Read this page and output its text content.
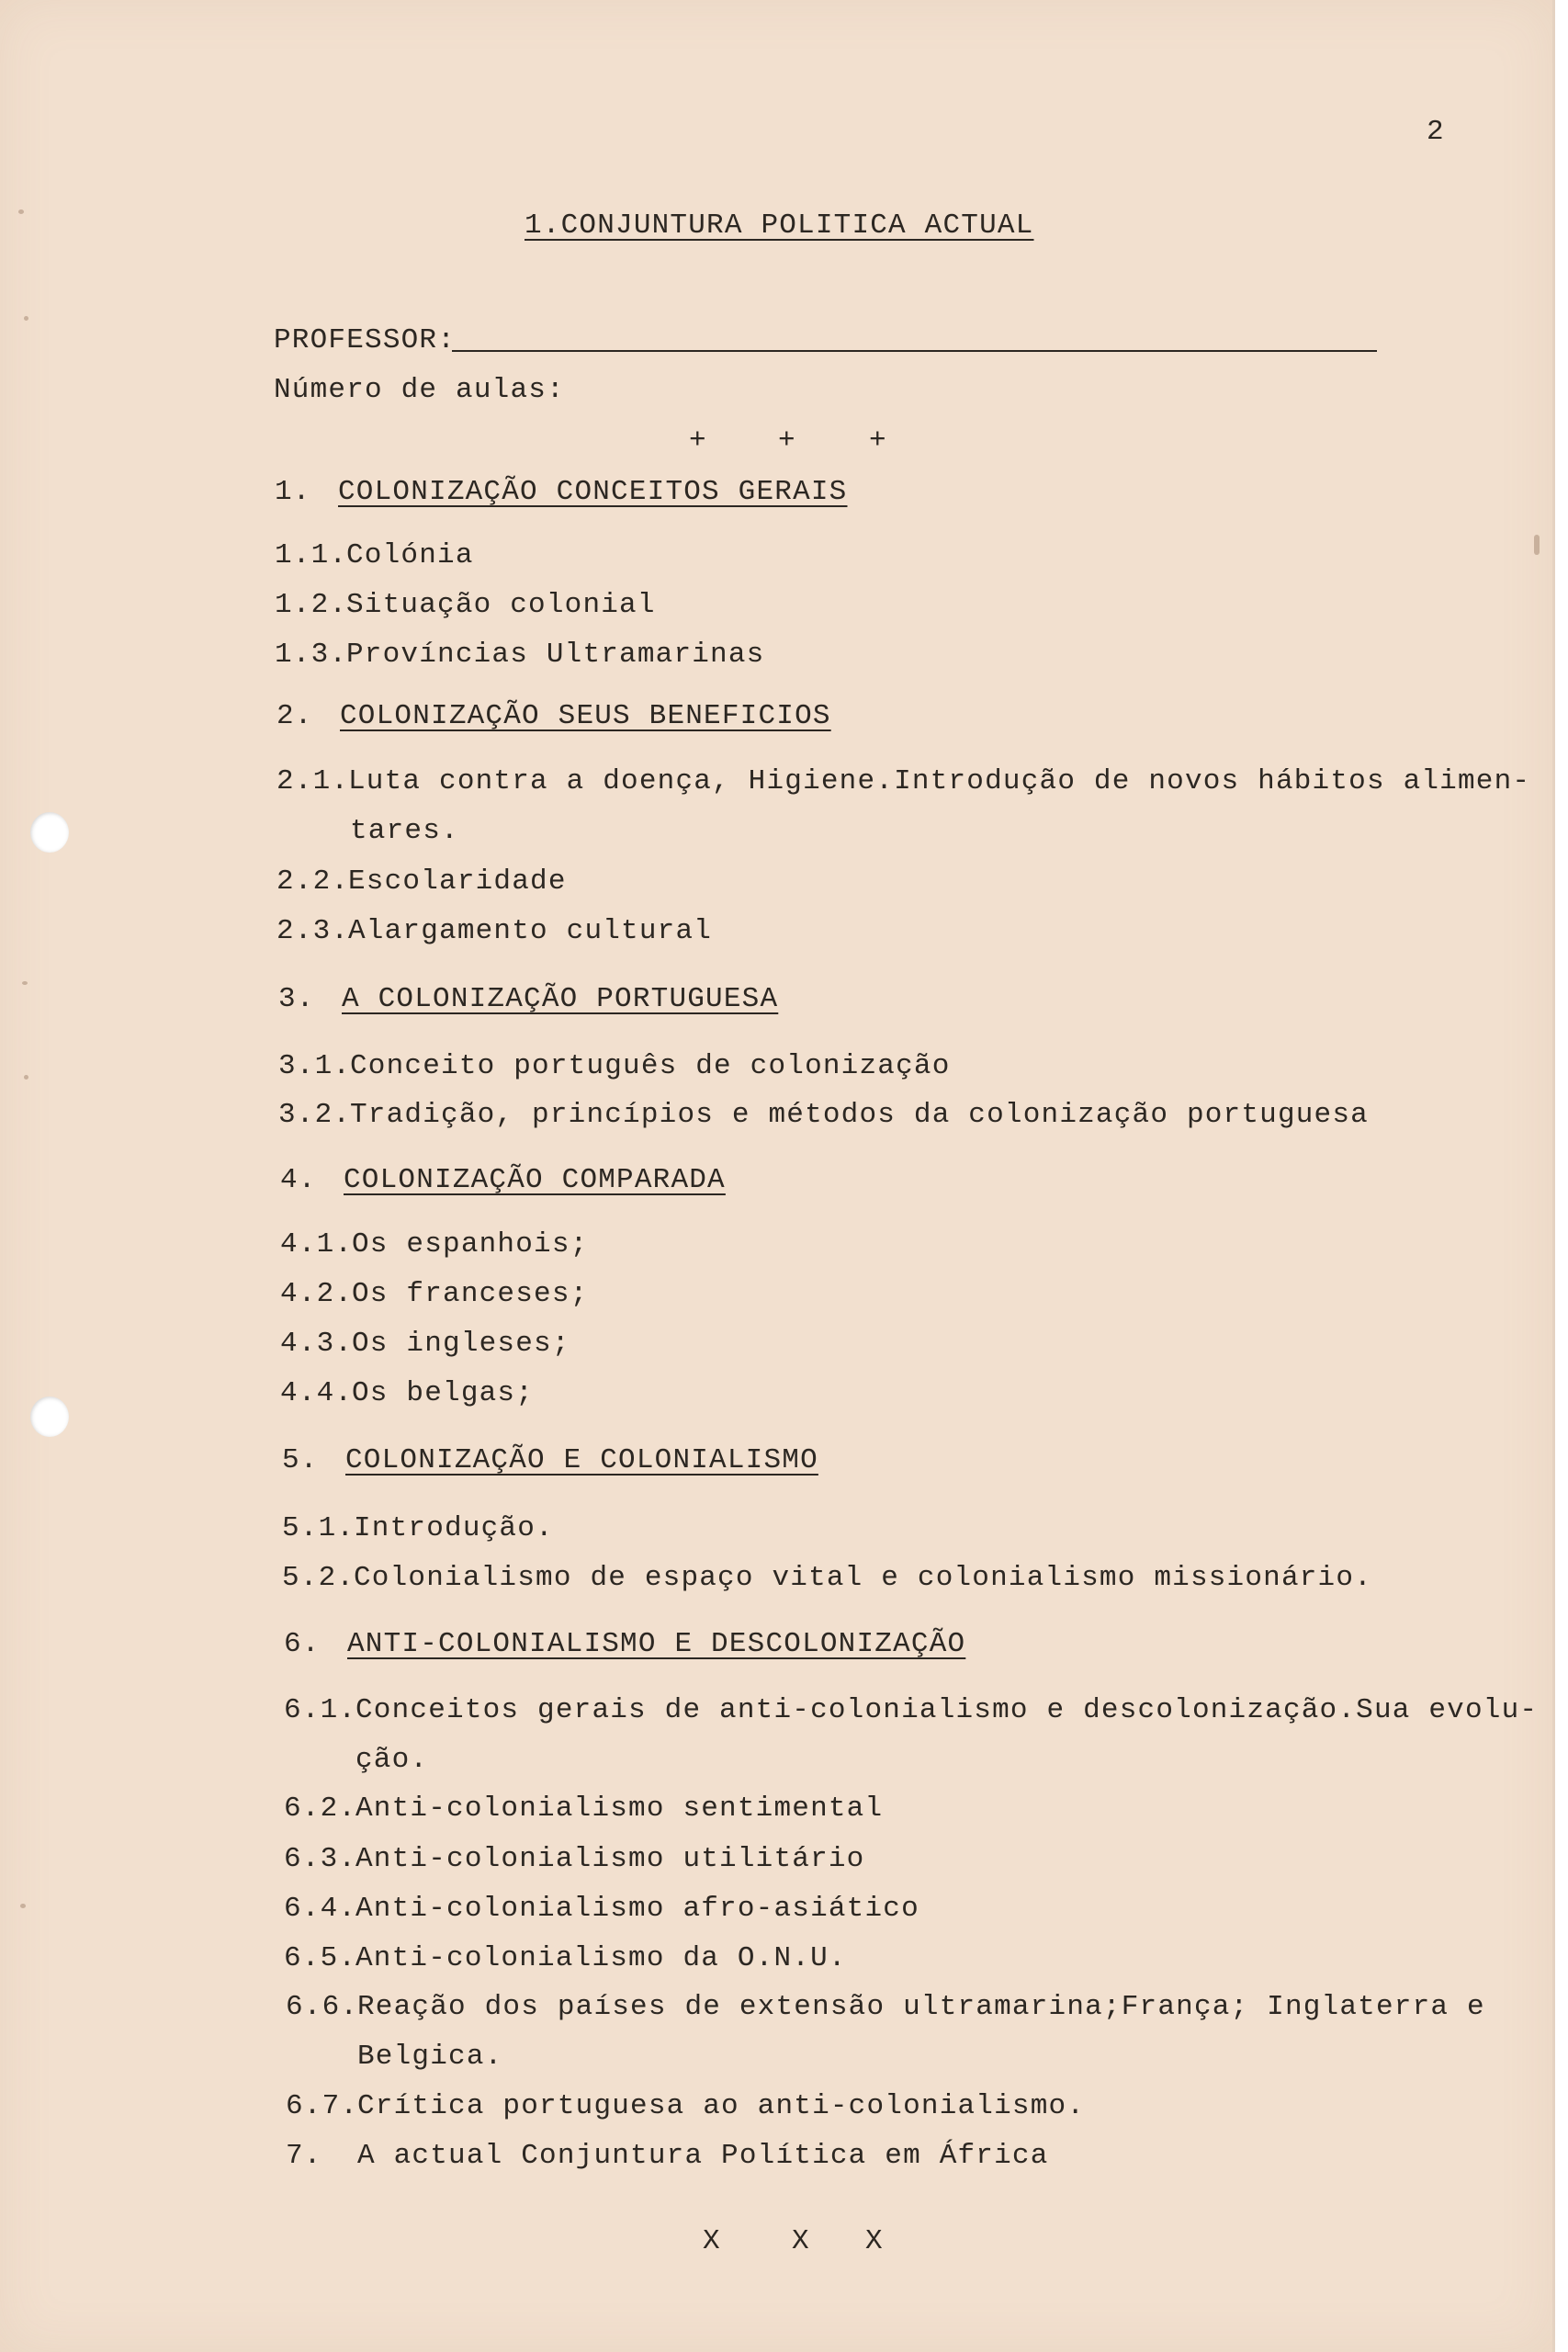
2
1.CONJUNTURA POLITICA ACTUAL
PROFESSOR:
Número de aulas:
+ +	+
1. COLONIZAÇÃO CONCEITOS GERAIS
1.1.
Colónia
1.2.
Situação colonial
1.3.
Províncias Ultramarinas
2. COLONIZAÇÃO SEUS BENEFICIOS
2.1.
Luta contra a doença, Higiene.Introdução de novos hábitos alimen-
tares.
2.2.
Escolaridade
2.3.
Alargamento cultural
3. A COLONIZAÇÃO PORTUGUESA
3.1.
Conceito português de colonização
3.2.
Tradição, princípios e métodos da colonização portuguesa
4. COLONIZAÇÃO COMPARADA
4.1.
Os espanhois;
4.2.
Os franceses;
4.3.
Os ingleses;
4.4.
Os belgas;
5. COLONIZAÇÃO E COLONIALISMO
5.1.
Introdução.
5.2.
Colonialismo de espaço vital e colonialismo missionário.
6. ANTI-COLONIALISMO E DESCOLONIZAÇÃO
6.1.
Conceitos gerais de anti-colonialismo e descolonização.Sua evolu-
ção.
6.2.
Anti-colonialismo sentimental
6.3.
Anti-colonialismo utilitário
6.4.
Anti-colonialismo afro-asiático
6.5.
Anti-colonialismo da O.N.U.
6.6.
Reação dos países de extensão ultramarina;França; Inglaterra e
Belgica.
6.7.
Crítica portuguesa ao anti-colonialismo.
7. A actual Conjuntura Política em África
X X X
